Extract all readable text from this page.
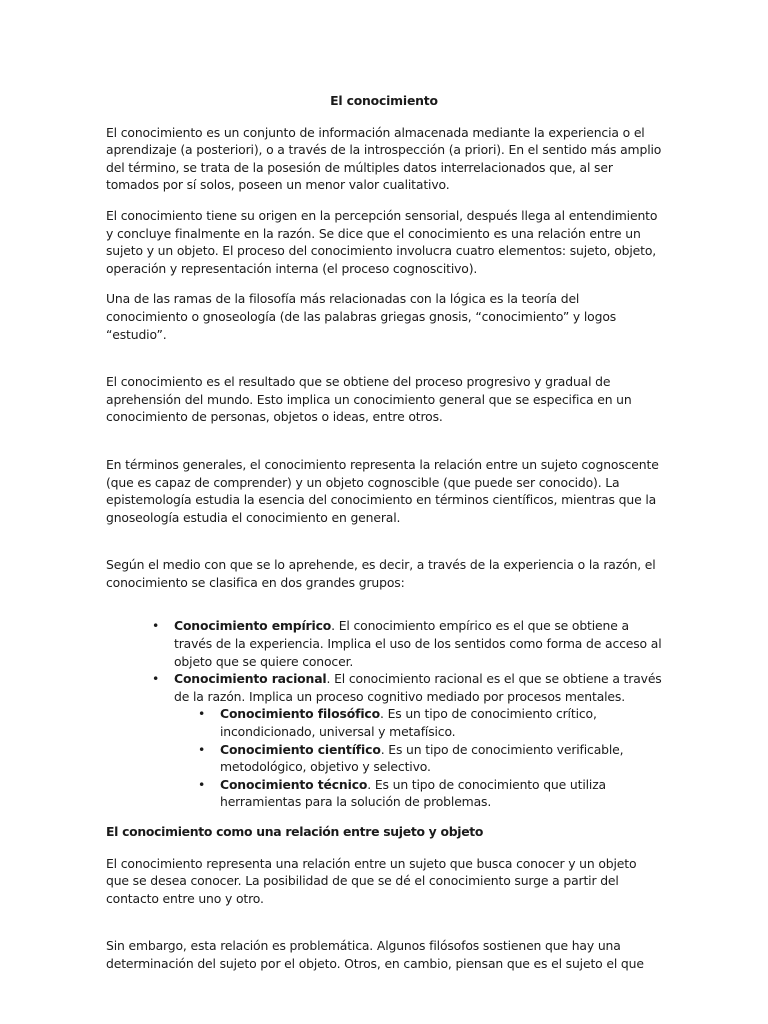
El conocimiento

El conocimiento es un conjunto de información almacenada mediante la experiencia o el aprendizaje (a posteriori), o a través de la introspección (a priori). En el sentido más amplio del término, se trata de la posesión de múltiples datos interrelacionados que, al ser tomados por sí solos, poseen un menor valor cualitativo.

El conocimiento tiene su origen en la percepción sensorial, después llega al entendimiento y concluye finalmente en la razón. Se dice que el conocimiento es una relación entre un sujeto y un objeto. El proceso del conocimiento involucra cuatro elementos: sujeto, objeto, operación y representación interna (el proceso cognoscitivo).

Una de las ramas de la filosofía más relacionadas con la lógica es la teoría del conocimiento o gnoseología (de las palabras griegas gnosis, “conocimiento” y logos “estudio”.

El conocimiento es el resultado que se obtiene del proceso progresivo y gradual de aprehensión del mundo. Esto implica un conocimiento general que se especifica en un conocimiento de personas, objetos o ideas, entre otros.

En términos generales, el conocimiento representa la relación entre un sujeto cognoscente (que es capaz de comprender) y un objeto cognoscible (que puede ser conocido). La epistemología estudia la esencia del conocimiento en términos científicos, mientras que la gnoseología estudia el conocimiento en general.

Según el medio con que se lo aprehende, es decir, a través de la experiencia o la razón, el conocimiento se clasifica en dos grandes grupos:

• Conocimiento empírico. El conocimiento empírico es el que se obtiene a través de la experiencia. Implica el uso de los sentidos como forma de acceso al objeto que se quiere conocer.
• Conocimiento racional. El conocimiento racional es el que se obtiene a través de la razón. Implica un proceso cognitivo mediado por procesos mentales.
• Conocimiento filosófico. Es un tipo de conocimiento crítico, incondicionado, universal y metafísico.
• Conocimiento científico. Es un tipo de conocimiento verificable, metodológico, objetivo y selectivo.
• Conocimiento técnico. Es un tipo de conocimiento que utiliza herramientas para la solución de problemas.
El conocimiento como una relación entre sujeto y objeto

El conocimiento representa una relación entre un sujeto que busca conocer y un objeto que se desea conocer. La posibilidad de que se dé el conocimiento surge a partir del contacto entre uno y otro.

Sin embargo, esta relación es problemática. Algunos filósofos sostienen que hay una determinación del sujeto por el objeto. Otros, en cambio, piensan que es el sujeto el que
